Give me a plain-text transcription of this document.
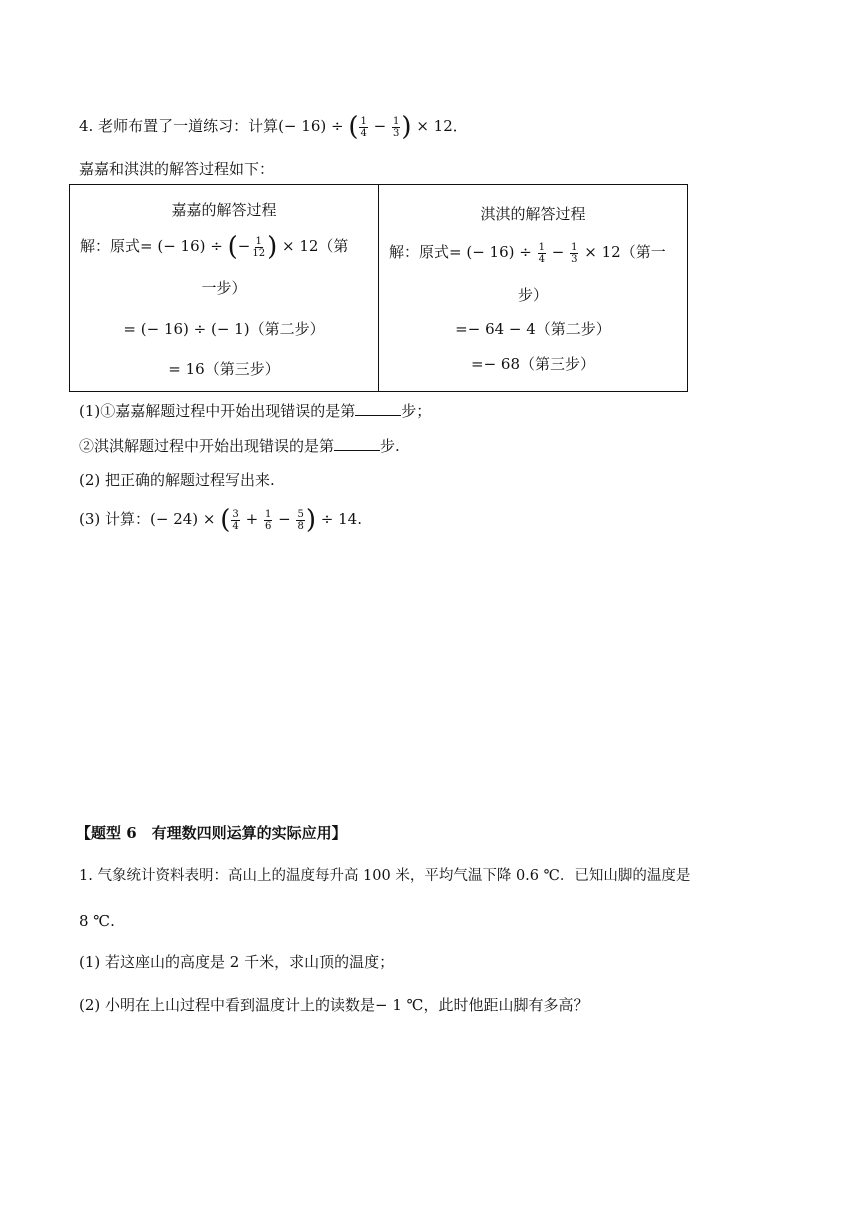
4. 老师布置了一道练习：计算(− 16) ÷ ( $\frac{1}{4} - \frac{1}{3}$ ) × 12．
嘉嘉和淇淇的解答过程如下：
嘉嘉的解答过程
解：原式= (− 16) ÷ (− $\frac{1}{12}$ ) × 12（第
一步）
= (− 16) ÷ (− 1)（第二步）
= 16（第三步）

淇淇的解答过程
解：原式= (− $16) \div \frac{1}{4} - \frac{1}{3} \times 12$（第一
步）
=− 64 − 4（第二步）
=− 68（第三步）
(1)①嘉嘉解题过程中开始出现错误的是第	步；
②淇淇解题过程中开始出现错误的是第	步.
(2) 把正确的解题过程写出来.
(3) 计算：(− 24) × ( $\frac{3}{4} + \frac{1}{6} - \frac{5}{8}$ ) ÷ 14.
【题型 6　有理数四则运算的实际应用】
1. 气象统计资料表明：高山上的温度每升高 100 米，平均气温下降 0.6 ℃．已知山脚的温度是
8 ℃.
(1) 若这座山的高度是 2 千米，求山顶的温度；
(2) 小明在上山过程中看到温度计上的读数是− 1 ℃，此时他距山脚有多高？
